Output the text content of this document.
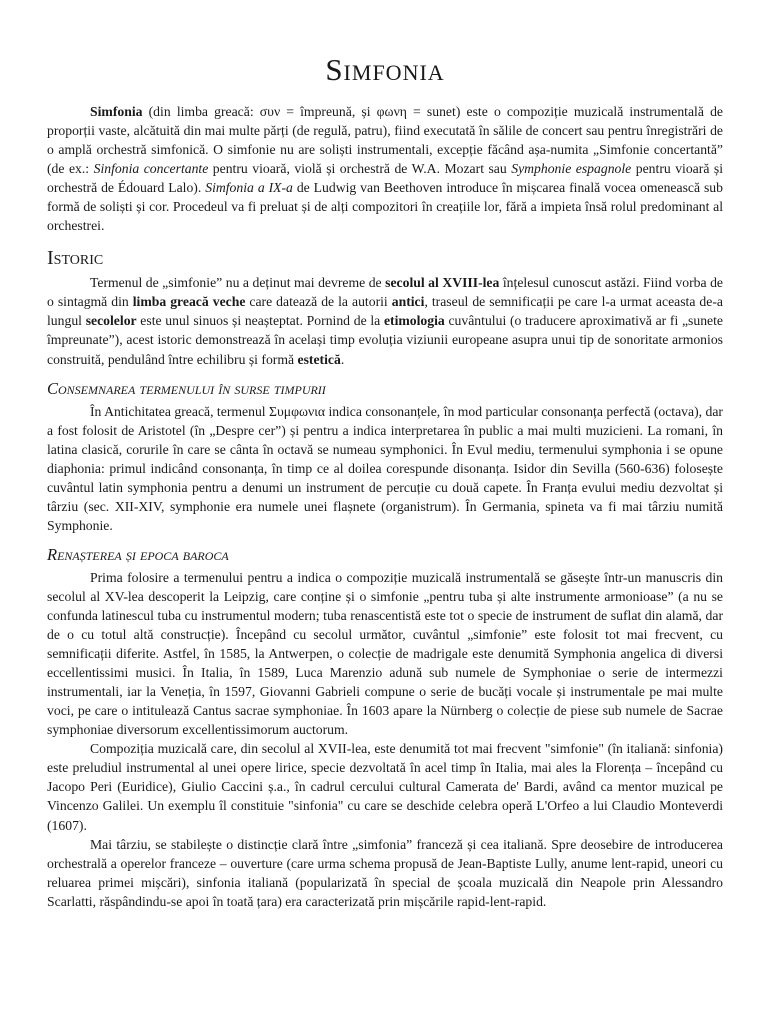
Simfonia

Simfonia (din limba greacă: συν = împreună, și φωνη = sunet) este o compoziție muzicală instrumentală de proporții vaste, alcătuită din mai multe părți (de regulă, patru), fiind executată în sălile de concert sau pentru înregistrări de o amplă orchestră simfonică. O simfonie nu are soliști instrumentali, excepție făcând așa-numita „Simfonie concertantă” (de ex.: Sinfonia concertante pentru vioară, violă și orchestră de W.A. Mozart sau Symphonie espagnole pentru vioară și orchestră de Édouard Lalo). Simfonia a IX-a de Ludwig van Beethoven introduce în mișcarea finală vocea omenească sub formă de soliști și cor. Procedeul va fi preluat și de alți compozitori în creațiile lor, fără a impieta însă rolul predominant al orchestrei.

Istoric

Termenul de „simfonie” nu a deținut mai devreme de secolul al XVIII-lea înțelesul cunoscut astăzi. Fiind vorba de o sintagmă din limba greacă veche care datează de la autorii antici, traseul de semnificații pe care l-a urmat aceasta de-a lungul secolelor este unul sinuos și neașteptat. Pornind de la etimologia cuvântului (o traducere aproximativă ar fi „sunete împreunate”), acest istoric demonstrează în același timp evoluția viziunii europeane asupra unui tip de sonoritate armonios construită, pendulând între echilibru și formă estetică.

Consemnarea termenului în surse timpurii

În Antichitatea greacă, termenul Συμφωνια indica consonanțele, în mod particular consonanța perfectă (octava), dar a fost folosit de Aristotel (în „Despre cer”) și pentru a indica interpretarea în public a mai multi muzicieni. La romani, în latina clasică, corurile în care se cânta în octavă se numeau symphonici. În Evul mediu, termenului symphonia i se opune diaphonia: primul indicând consonanța, în timp ce al doilea corespunde disonanța. Isidor din Sevilla (560-636) folosește cuvântul latin symphonia pentru a denumi un instrument de percuție cu două capete. În Franța evului mediu dezvoltat și târziu (sec. XII-XIV, symphonie era numele unei flașnete (organistrum). În Germania, spineta va fi mai târziu numită Symphonie.

Renașterea și epoca baroca

Prima folosire a termenului pentru a indica o compoziție muzicală instrumentală se găsește într-un manuscris din secolul al XV-lea descoperit la Leipzig, care conține și o simfonie „pentru tuba și alte instrumente armonioase” (a nu se confunda latinescul tuba cu instrumentul modern; tuba renascentistă este tot o specie de instrument de suflat din alamă, dar de o cu totul altă construcție). Începând cu secolul următor, cuvântul „simfonie” este folosit tot mai frecvent, cu semnificații diferite. Astfel, în 1585, la Antwerpen, o colecție de madrigale este denumită Symphonia angelica di diversi eccellentissimi musici. În Italia, în 1589, Luca Marenzio adună sub numele de Symphoniae o serie de intermezzi instrumentali, iar la Veneția, în 1597, Giovanni Gabrieli compune o serie de bucăți vocale și instrumentale pe mai multe voci, pe care o intitulează Cantus sacrae symphoniae. În 1603 apare la Nürnberg o colecție de piese sub numele de Sacrae symphoniae diversorum excellentissimorum auctorum.

Compoziția muzicală care, din secolul al XVII-lea, este denumită tot mai frecvent "simfonie" (în italiană: sinfonia) este preludiul instrumental al unei opere lirice, specie dezvoltată în acel timp în Italia, mai ales la Florența – începând cu Jacopo Peri (Euridice), Giulio Caccini ș.a., în cadrul cercului cultural Camerata de' Bardi, având ca mentor muzical pe Vincenzo Galilei. Un exemplu îl constituie "sinfonia" cu care se deschide celebra operă L'Orfeo a lui Claudio Monteverdi (1607).

Mai târziu, se stabilește o distincție clară între „simfonia” franceză și cea italiană. Spre deosebire de introducerea orchestrală a operelor franceze – ouverture (care urma schema propusă de Jean-Baptiste Lully, anume lent-rapid, uneori cu reluarea primei mișcări), sinfonia italiană (popularizată în special de școala muzicală din Neapole prin Alessandro Scarlatti, răspândindu-se apoi în toată țara) era caracterizată prin mișcările rapid-lent-rapid.
